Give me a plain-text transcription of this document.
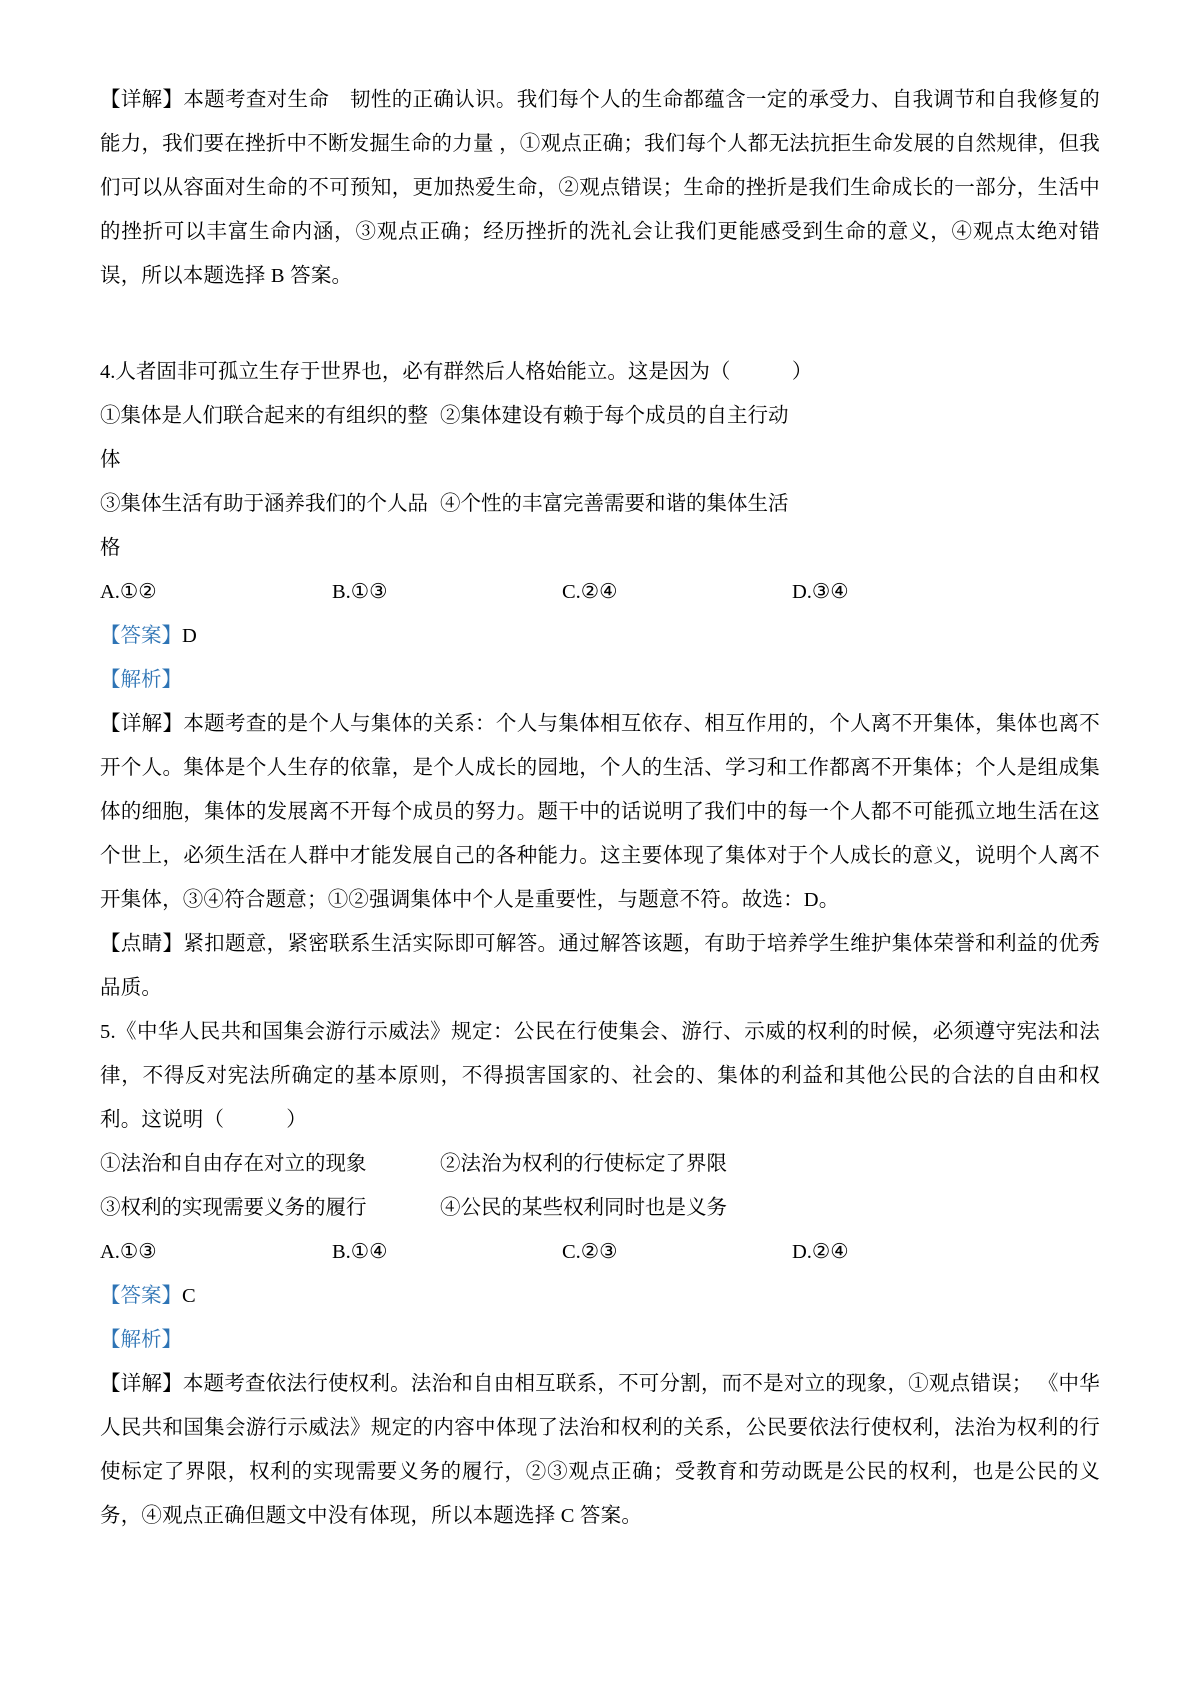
【详解】本题考查对生命　韧性的正确认识。我们每个人的生命都蕴含一定的承受力、自我调节和自我修复的能力，我们要在挫折中不断发掘生命的力量 ，①观点正确；我们每个人都无法抗拒生命发展的自然规律，但我们可以从容面对生命的不可预知，更加热爱生命，②观点错误；生命的挫折是我们生命成长的一部分，生活中的挫折可以丰富生命内涵，③观点正确；经历挫折的洗礼会让我们更能感受到生命的意义，④观点太绝对错误，所以本题选择 B 答案。

4.人者固非可孤立生存于世界也，必有群然后人格始能立。这是因为（　　　）

①集体是人们联合起来的有组织的整体
②集体建设有赖于每个成员的自主行动
③集体生活有助于涵养我们的个人品格
④个性的丰富完善需要和谐的集体生活
A.①②	B.①③	C.②④	D.③④

【答案】D

【解析】

【详解】本题考查的是个人与集体的关系：个人与集体相互依存、相互作用的，个人离不开集体，集体也离不开个人。集体是个人生存的依靠，是个人成长的园地，个人的生活、学习和工作都离不开集体；个人是组成集体的细胞，集体的发展离不开每个成员的努力。题干中的话说明了我们中的每一个人都不可能孤立地生活在这个世上，必须生活在人群中才能发展自己的各种能力。这主要体现了集体对于个人成长的意义，说明个人离不开集体，③④符合题意；①②强调集体中个人是重要性，与题意不符。故选：D。

【点睛】紧扣题意，紧密联系生活实际即可解答。通过解答该题，有助于培养学生维护集体荣誉和利益的优秀品质。

5.《中华人民共和国集会游行示威法》规定：公民在行使集会、游行、示威的权利的时候，必须遵守宪法和法律，不得反对宪法所确定的基本原则，不得损害国家的、社会的、集体的利益和其他公民的合法的自由和权利。这说明（　　　）

①法治和自由存在对立的现象	②法治为权利的行使标定了界限
③权利的实现需要义务的履行	④公民的某些权利同时也是义务
A.①③	B.①④	C.②③	D.②④

【答案】C

【解析】

【详解】本题考查依法行使权利。法治和自由相互联系，不可分割，而不是对立的现象，①观点错误； 《中华人民共和国集会游行示威法》规定的内容中体现了法治和权利的关系，公民要依法行使权利，法治为权利的行使标定了界限，权利的实现需要义务的履行，②③观点正确；受教育和劳动既是公民的权利，也是公民的义务，④观点正确但题文中没有体现，所以本题选择 C 答案。
